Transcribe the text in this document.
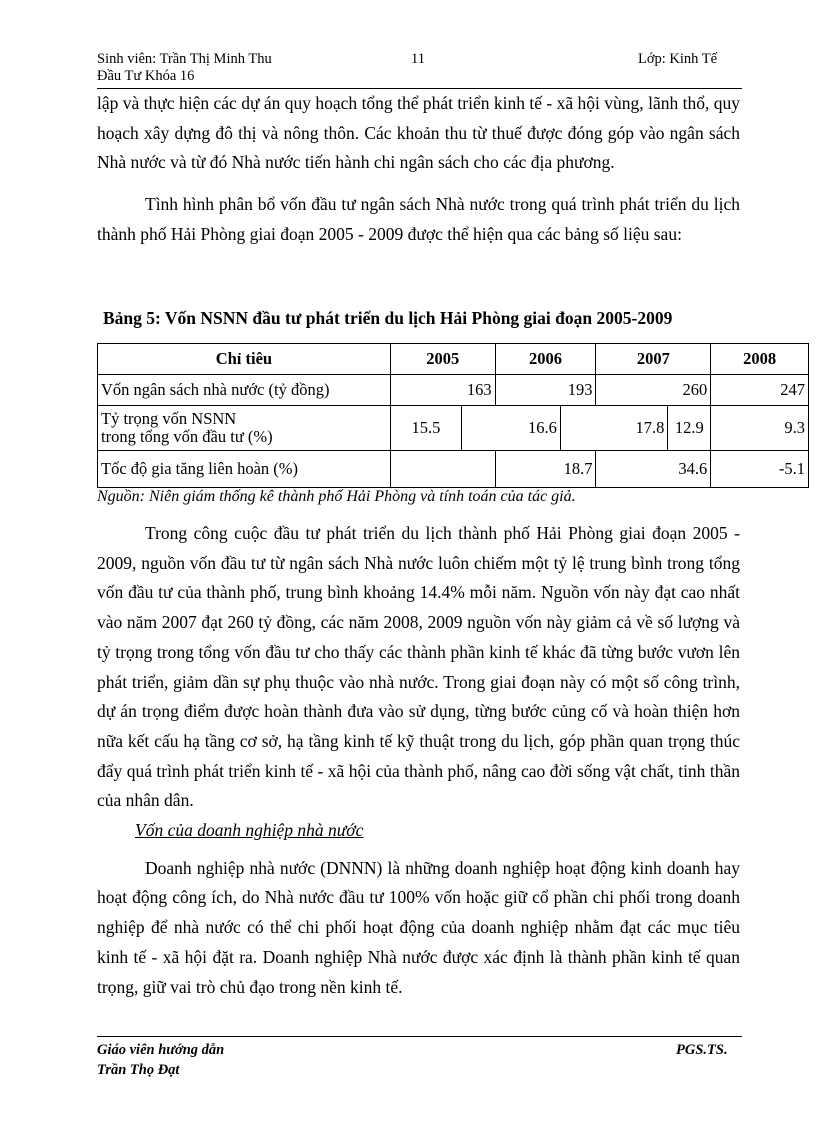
Sinh viên: Trần Thị Minh Thu	11	Lớp: Kinh Tế
Đầu Tư Khóa 16

lập và thực hiện các dự án quy hoạch tổng thể phát triển kinh tế - xã hội vùng, lãnh thổ, quy hoạch xây dựng đô thị và nông thôn. Các khoản thu từ thuế được đóng góp vào ngân sách Nhà nước và từ đó Nhà nước tiến hành chi ngân sách cho các địa phương.

Tình hình phân bổ vốn đầu tư ngân sách Nhà nước trong quá trình phát triển du lịch thành phố Hải Phòng giai đoạn 2005 - 2009 được thể hiện qua các bảng số liệu sau:

Bảng 5: Vốn NSNN đầu tư phát triển du lịch Hải Phòng giai đoạn 2005-2009
Chỉ tiêu	2005		2006		2007		2008	
Vốn ngân sách nhà nước (tỷ đồng)	163		193		260		247	

Tỷ trọng vốn NSNN
trong tổng vốn đầu tư (%)	15.5	16.6		17.8		12.9	9.3	
Tốc độ gia tăng liên hoàn (%)			18.7		34.6		-5.1	
Nguồn: Niên giám thống kê thành phố Hải Phòng và tính toán của tác giả.

Trong công cuộc đầu tư phát triển du lịch thành phố Hải Phòng giai đoạn 2005 - 2009, nguồn vốn đầu tư từ ngân sách Nhà nước luôn chiếm một tỷ lệ trung bình trong tổng vốn đầu tư của thành phố, trung bình khoảng 14.4% mỗi năm. Nguồn vốn này đạt cao nhất vào năm 2007 đạt 260 tỷ đồng, các năm 2008, 2009 nguồn vốn này giảm cả về số lượng và tỷ trọng trong tổng vốn đầu tư cho thấy các thành phần kinh tế khác đã từng bước vươn lên phát triển, giảm dần sự phụ thuộc vào nhà nước. Trong giai đoạn này có một số công trình, dự án trọng điểm được hoàn thành đưa vào sử dụng, từng bước củng cố và hoàn thiện hơn nữa kết cấu hạ tầng cơ sở, hạ tầng kinh tế kỹ thuật trong du lịch, góp phần quan trọng thúc đẩy quá trình phát triển kinh tế - xã hội của thành phố, nâng cao đời sống vật chất, tinh thần của nhân dân.

Vốn của doanh nghiệp nhà nước

Doanh nghiệp nhà nước (DNNN) là những doanh nghiệp hoạt động kinh doanh hay hoạt động công ích, do Nhà nước đầu tư 100% vốn hoặc giữ cổ phần chi phối trong doanh nghiệp để nhà nước có thể chi phối hoạt động của doanh nghiệp nhằm đạt các mục tiêu kinh tế - xã hội đặt ra. Doanh nghiệp Nhà nước được xác định là thành phần kinh tế quan trọng, giữ vai trò chủ đạo trong nền kinh tế.

Giáo viên hướng dẫn
Trần Thọ Đạt
PGS.TS.
